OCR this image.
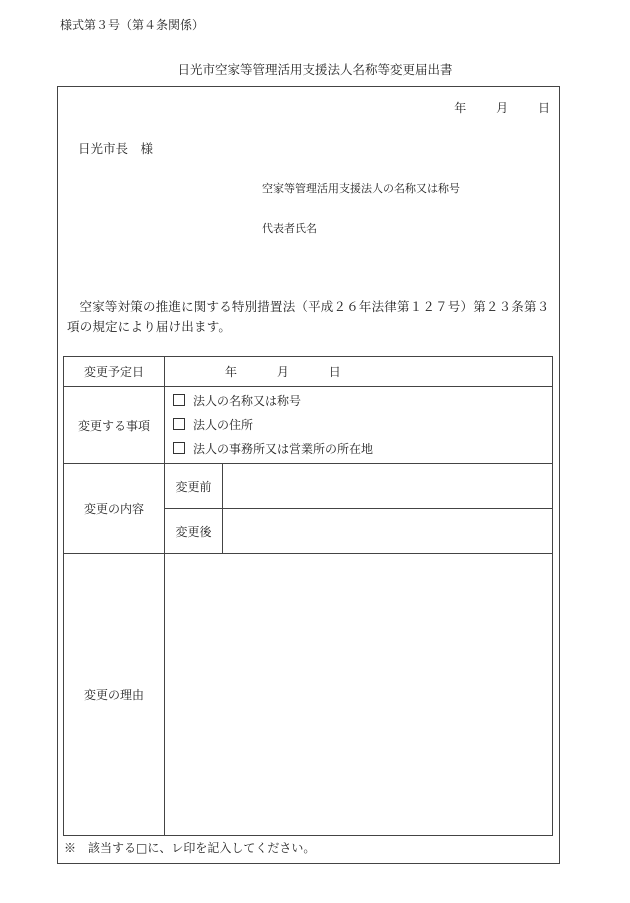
様式第３号（第４条関係）
日光市空家等管理活用支援法人名称等変更届出書
年 月 日
日光市長　様
空家等管理活用支援法人の名称又は称号
代表者氏名
空家等対策の推進に関する特別措置法（平成２６年法律第１２７号）第２３条第３項の規定により届け出ます。
変更予定日	年 月 日	
変更する事項	法人の名称又は称号
法人の住所
法人の事務所又は営業所の所在地	

変更の内容	変更前	
	変更後	
変更の理由		
※　該当する□に、レ印を記入してください。
